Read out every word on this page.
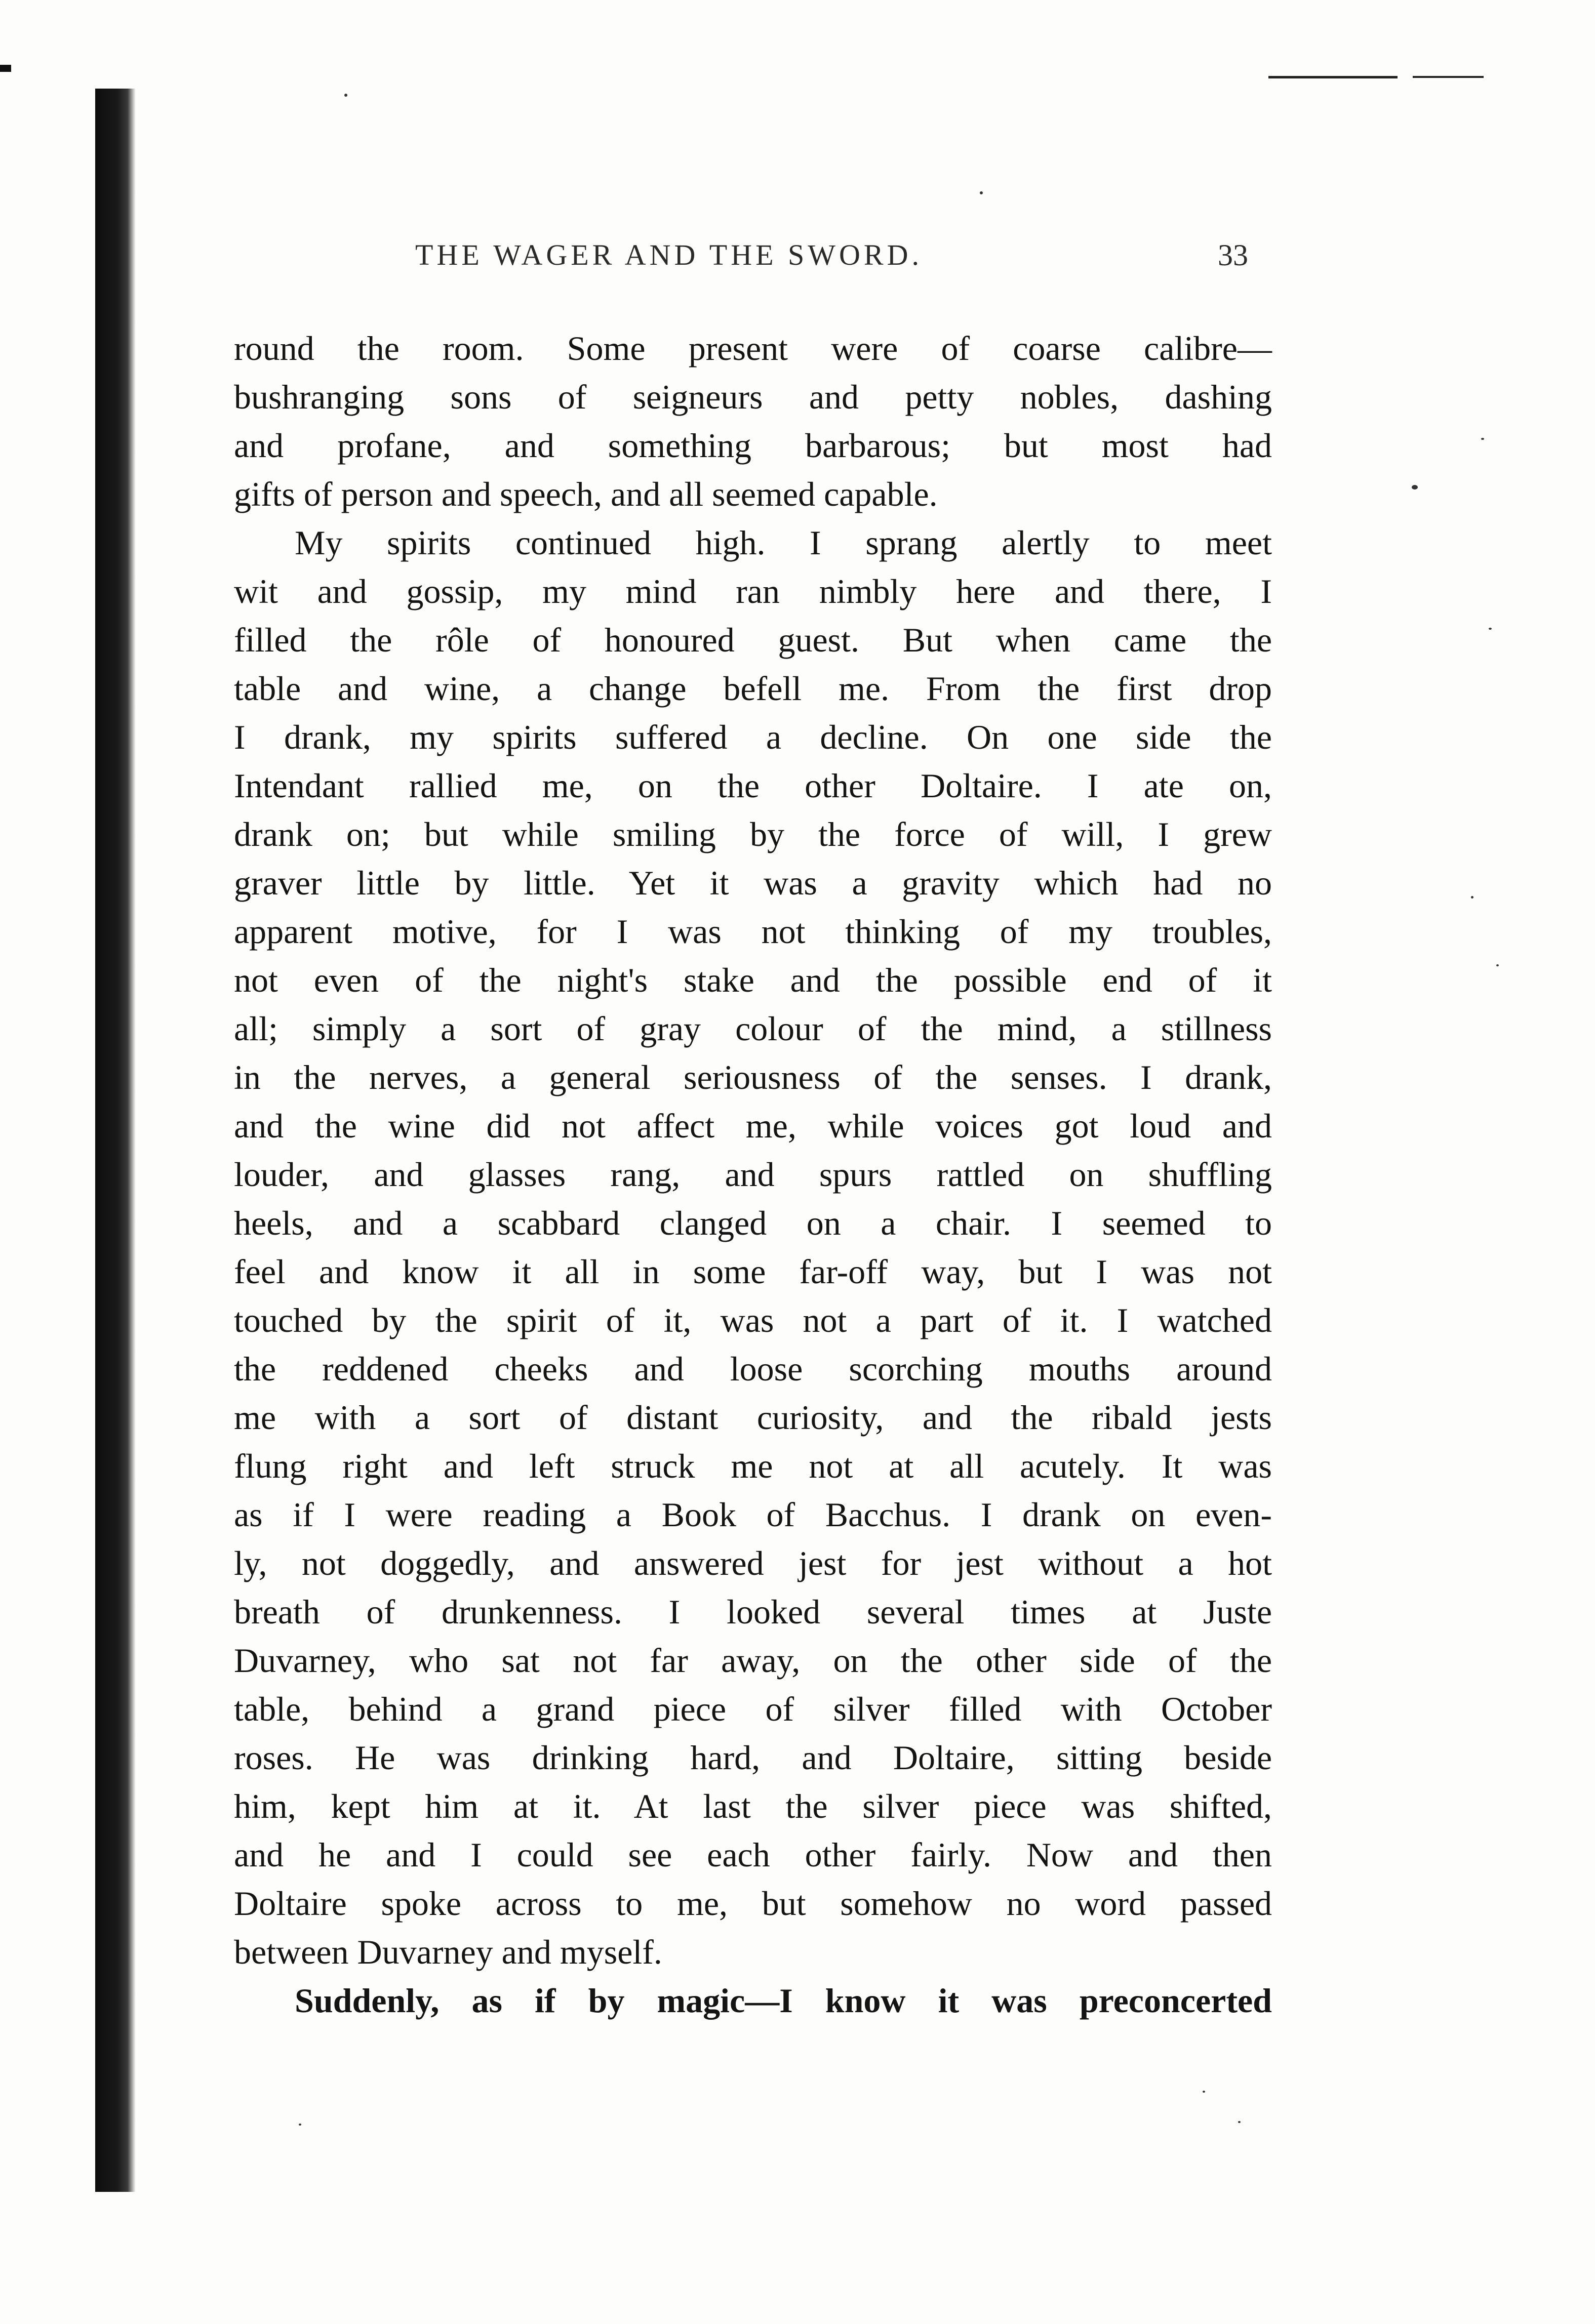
THE WAGER AND THE SWORD.	33
round the room. Some present were of coarse calibre—
bushranging sons of seigneurs and petty nobles, dashing
and profane, and something barbarous; but most had
gifts of person and speech, and all seemed capable.
My spirits continued high. I sprang alertly to meet
wit and gossip, my mind ran nimbly here and there, I
filled the rôle of honoured guest. But when came the
table and wine, a change befell me. From the first drop
I drank, my spirits suffered a decline. On one side the
Intendant rallied me, on the other Doltaire. I ate on,
drank on; but while smiling by the force of will, I grew
graver little by little. Yet it was a gravity which had no
apparent motive, for I was not thinking of my troubles,
not even of the night's stake and the possible end of it
all; simply a sort of gray colour of the mind, a stillness
in the nerves, a general seriousness of the senses. I drank,
and the wine did not affect me, while voices got loud and
louder, and glasses rang, and spurs rattled on shuffling
heels, and a scabbard clanged on a chair. I seemed to
feel and know it all in some far-off way, but I was not
touched by the spirit of it, was not a part of it. I watched
the reddened cheeks and loose scorching mouths around
me with a sort of distant curiosity, and the ribald jests
flung right and left struck me not at all acutely. It was
as if I were reading a Book of Bacchus. I drank on even-
ly, not doggedly, and answered jest for jest without a hot
breath of drunkenness. I looked several times at Juste
Duvarney, who sat not far away, on the other side of the
table, behind a grand piece of silver filled with October
roses. He was drinking hard, and Doltaire, sitting beside
him, kept him at it. At last the silver piece was shifted,
and he and I could see each other fairly. Now and then
Doltaire spoke across to me, but somehow no word passed
between Duvarney and myself.
Suddenly, as if by magic—I know it was preconcerted
